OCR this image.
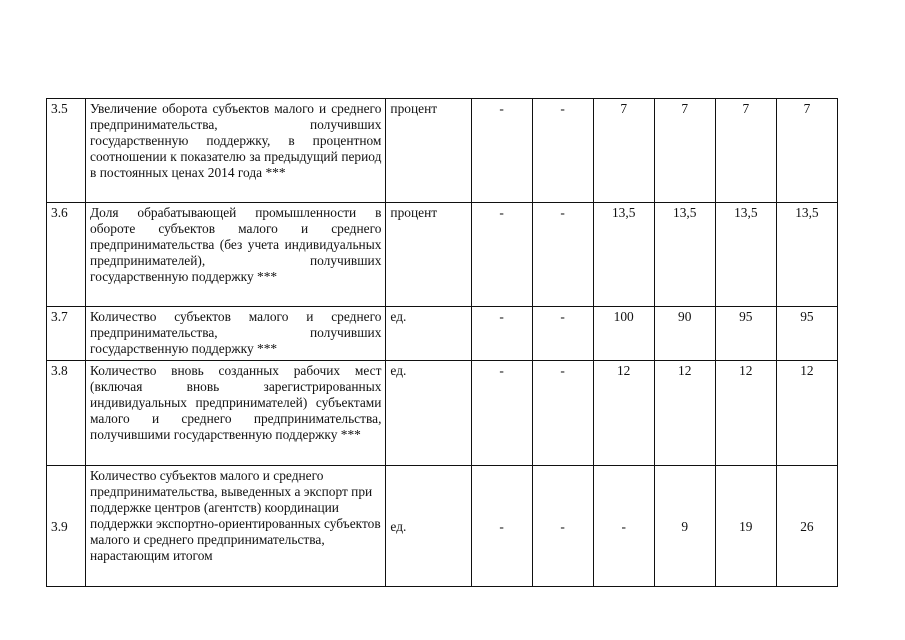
3.5	Увеличение оборота субъектов малого и среднего предпринимательства, получивших государственную поддержку, в процентном соотношении к показателю за предыдущий период в постоянных ценах 2014 года ***	процент	-	-	7	7	7	7
3.6	Доля обрабатывающей промышленности в обороте субъектов малого и среднего предпринимательства (без учета индивидуальных предпринимателей), получивших государственную поддержку ***	процент	-	-	13,5	13,5	13,5	13,5
3.7	Количество субъектов малого и среднего предпринимательства, получивших государственную поддержку ***	ед.	-	-	100	90	95	95
3.8	Количество вновь созданных рабочих мест (включая вновь зарегистрированных индивидуальных предпринимателей) субъектами малого и среднего предпринимательства, получившими государственную поддержку ***	ед.	-	-	12	12	12	12
3.9	Количество субъектов малого и среднего предпринимательства, выведенных а экспорт при поддержке центров (агентств) координации поддержки экспортно-ориентированных субъектов малого и среднего предпринимательства, нарастающим итогом	ед.	-	-	-	9	19	26
